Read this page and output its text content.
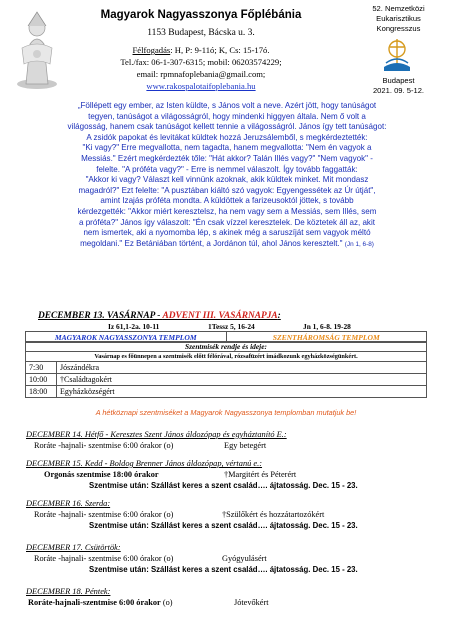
Magyarok Nagyasszonya Főplébánia
1153 Budapest, Bácska u. 3.
Félfogadás: H, P: 9-11ó; K, Cs: 15-17ó.
Tel./fax: 06-1-307-6315; mobil: 06203574229;
email: rpmnafoplebania@gmail.com;
www.rakospalotaifoplebania.hu
52. Nemzetközi
Eukarisztikus
Kongresszus
Budapest
2021. 09. 5-12.
„Föllépett egy ember, az Isten küldte, s János volt a neve. Azért jött, hogy tanúságot
tegyen, tanúságot a világosságról, hogy mindenki higgyen általa. Nem ő volt a
világosság, hanem csak tanúságot kellett tennie a világosságról. János így tett tanúságot:
A zsidók papokat és levitákat küldtek hozzá Jeruzsálemből, s megkérdeztették:
"Ki vagy?" Erre megvallotta, nem tagadta, hanem megvallotta: "Nem én vagyok a
Messiás." Ezért megkérdezték tőle: "Hát akkor? Talán Illés vagy?" "Nem vagyok" -
felelte. "A próféta vagy?" - Erre is nemmel válaszolt. Így tovább faggatták:
"Akkor ki vagy? Választ kell vinnünk azoknak, akik küldtek minket. Mit mondasz
magadról?" Ezt felelte: "A pusztában kiáltó szó vagyok: Egyengessétek az Úr útját",
amint Izajás próféta mondta. A küldöttek a farizeusoktól jöttek, s tovább
kérdezgették: "Akkor miért keresztelsz, ha nem vagy sem a Messiás, sem Illés, sem
a próféta?" János így válaszolt: "Én csak vízzel keresztelek. De köztetek áll az, akit
nem ismertek, aki a nyomomba lép, s akinek még a saruszíját sem vagyok méltó
megoldani." Ez Betániában történt, a Jordánon túl, ahol János keresztelt." (Jn 1, 6-8)
DECEMBER 13. VASÁRNAP - ADVENT III. VASÁRNAPJA:
Iz 61,1-2a. 10-11	1Tessz 5, 16-24	Jn 1, 6-8. 19-28
MAGYAROK NAGYASSZONYA TEMPLOM	SZENTHÁROMSÁG TEMPLOM
Szentmisék rendje és ideje:	
Vasárnap es főünnepen a szentmisék előtt félórával, rózsafüzért imádkozunk egyházközségünkért.	
7:30	Jószándékra
10:00	†Családtagokért
18:00	Egyházközségért
A hétköznapi szentmiséket a Magyarok Nagyasszonya templomban mutatjuk be!
DECEMBER 14. Hétfő - Keresztes Szent János áldozópap és egyháztanító E.:
Roráte -hajnali- szentmise 6:00 órakor (o)	Egy betegért
DECEMBER 15. Kedd - Boldog Brenner János áldozópap, vértanú e.:
Orgonás szentmise 18:00 órakor	†Margitért és Péterért
Szentmise után: Szállást keres a szent család…. ájtatosság. Dec. 15 - 23.
DECEMBER 16. Szerda:
Roráte -hajnali- szentmise 6:00 órakor (o)	†Szülőkért és hozzátartozókért
Szentmise után: Szállást keres a szent család…. ájtatosság. Dec. 15 - 23.
DECEMBER 17. Csütörtök:
Roráte -hajnali- szentmise 6:00 órakor (o)	Gyógyulásért
Szentmise után: Szállást keres a szent család…. ájtatosság. Dec. 15 - 23.
DECEMBER 18. Péntek:
Roráte-hajnali-szentmise 6:00 órakor (o)	Jótevőkért
